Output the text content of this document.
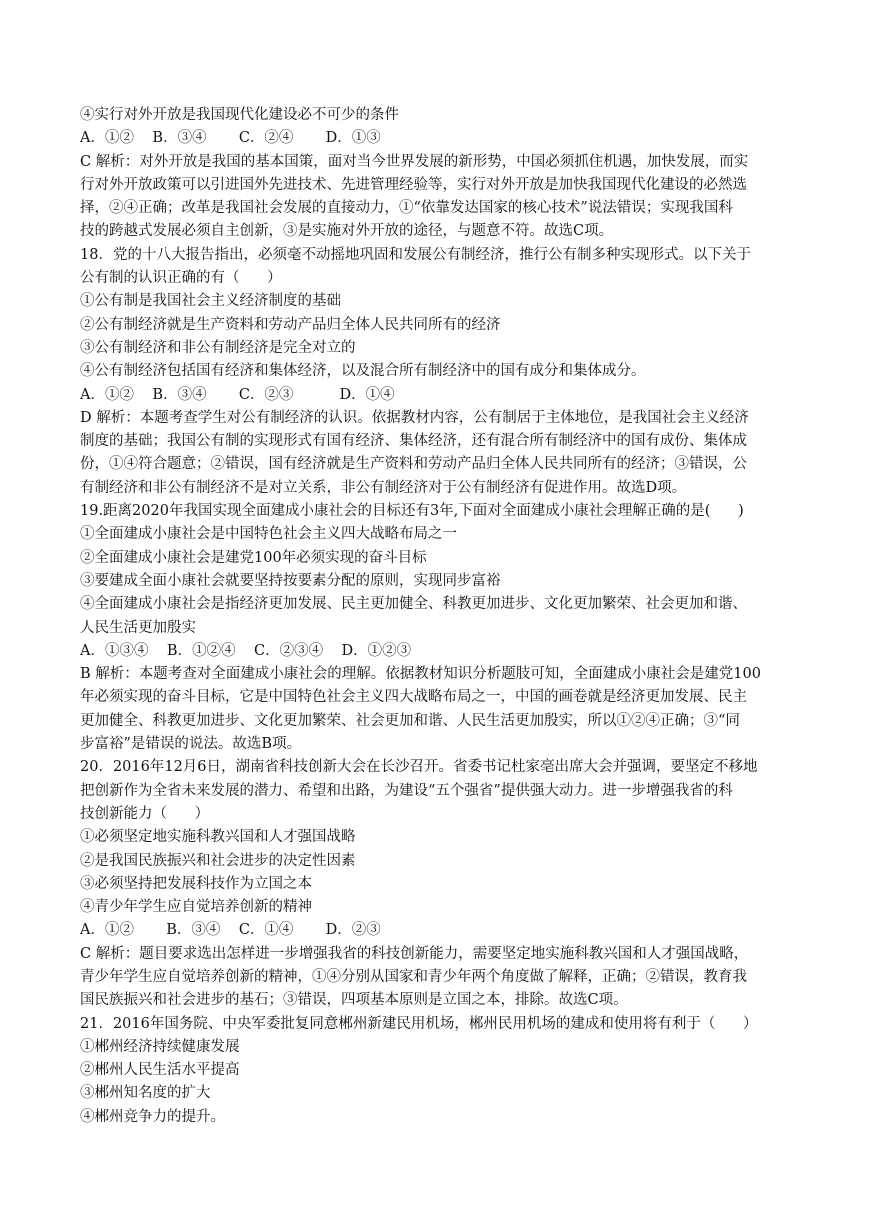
④实行对外开放是我国现代化建设必不可少的条件
A．①②    B．③④       C．②④       D．①③
C 解析：对外开放是我国的基本国策，面对当今世界发展的新形势，中国必须抓住机遇，加快发展，而实
行对外开放政策可以引进国外先进技术、先进管理经验等，实行对外开放是加快我国现代化建设的必然选
择，②④正确；改革是我国社会发展的直接动力，①“依靠发达国家的核心技术”说法错误；实现我国科
技的跨越式发展必须自主创新，③是实施对外开放的途径，与题意不符。故选C项。
18．党的十八大报告指出，必须毫不动摇地巩固和发展公有制经济，推行公有制多种实现形式。以下关于
公有制的认识正确的有（      ）
①公有制是我国社会主义经济制度的基础
②公有制经济就是生产资料和劳动产品归全体人民共同所有的经济
③公有制经济和非公有制经济是完全对立的
④公有制经济包括国有经济和集体经济，以及混合所有制经济中的国有成分和集体成分。
A．①②    B．③④       C．②③          D．①④
D 解析：本题考查学生对公有制经济的认识。依据教材内容，公有制居于主体地位，是我国社会主义经济
制度的基础；我国公有制的实现形式有国有经济、集体经济，还有混合所有制经济中的国有成份、集体成
份，①④符合题意；②错误，国有经济就是生产资料和劳动产品归全体人民共同所有的经济；③错误，公
有制经济和非公有制经济不是对立关系，非公有制经济对于公有制经济有促进作用。故选D项。
19.距离2020年我国实现全面建成小康社会的目标还有3年,下面对全面建成小康社会理解正确的是(      )
①全面建成小康社会是中国特色社会主义四大战略布局之一
②全面建成小康社会是建党100年必须实现的奋斗目标
③要建成全面小康社会就要坚持按要素分配的原则，实现同步富裕
④全面建成小康社会是指经济更加发展、民主更加健全、科教更加进步、文化更加繁荣、社会更加和谐、
人民生活更加殷实
A．①③④    B．①②④    C．②③④    D．①②③
B 解析：本题考查对全面建成小康社会的理解。依据教材知识分析题肢可知，全面建成小康社会是建党100
年必须实现的奋斗目标，它是中国特色社会主义四大战略布局之一，中国的画卷就是经济更加发展、民主
更加健全、科教更加进步、文化更加繁荣、社会更加和谐、人民生活更加殷实，所以①②④正确；③“同
步富裕”是错误的说法。故选B项。
20．2016年12月6日，湖南省科技创新大会在长沙召开。省委书记杜家亳出席大会并强调，要坚定不移地
把创新作为全省未来发展的潜力、希望和出路，为建设“五个强省”提供强大动力。进一步增强我省的科
技创新能力（      ）
①必须坚定地实施科教兴国和人才强国战略
②是我国民族振兴和社会进步的决定性因素
③必须坚持把发展科技作为立国之本
④青少年学生应自觉培养创新的精神
A．①②       B．③④    C．①④       D．②③
C 解析：题目要求选出怎样进一步增强我省的科技创新能力，需要坚定地实施科教兴国和人才强国战略，
青少年学生应自觉培养创新的精神，①④分别从国家和青少年两个角度做了解释，正确；②错误，教育我
国民族振兴和社会进步的基石；③错误，四项基本原则是立国之本，排除。故选C项。
21．2016年国务院、中央军委批复同意郴州新建民用机场，郴州民用机场的建成和使用将有利于（      ）
①郴州经济持续健康发展
②郴州人民生活水平提高
③郴州知名度的扩大
④郴州竞争力的提升。
